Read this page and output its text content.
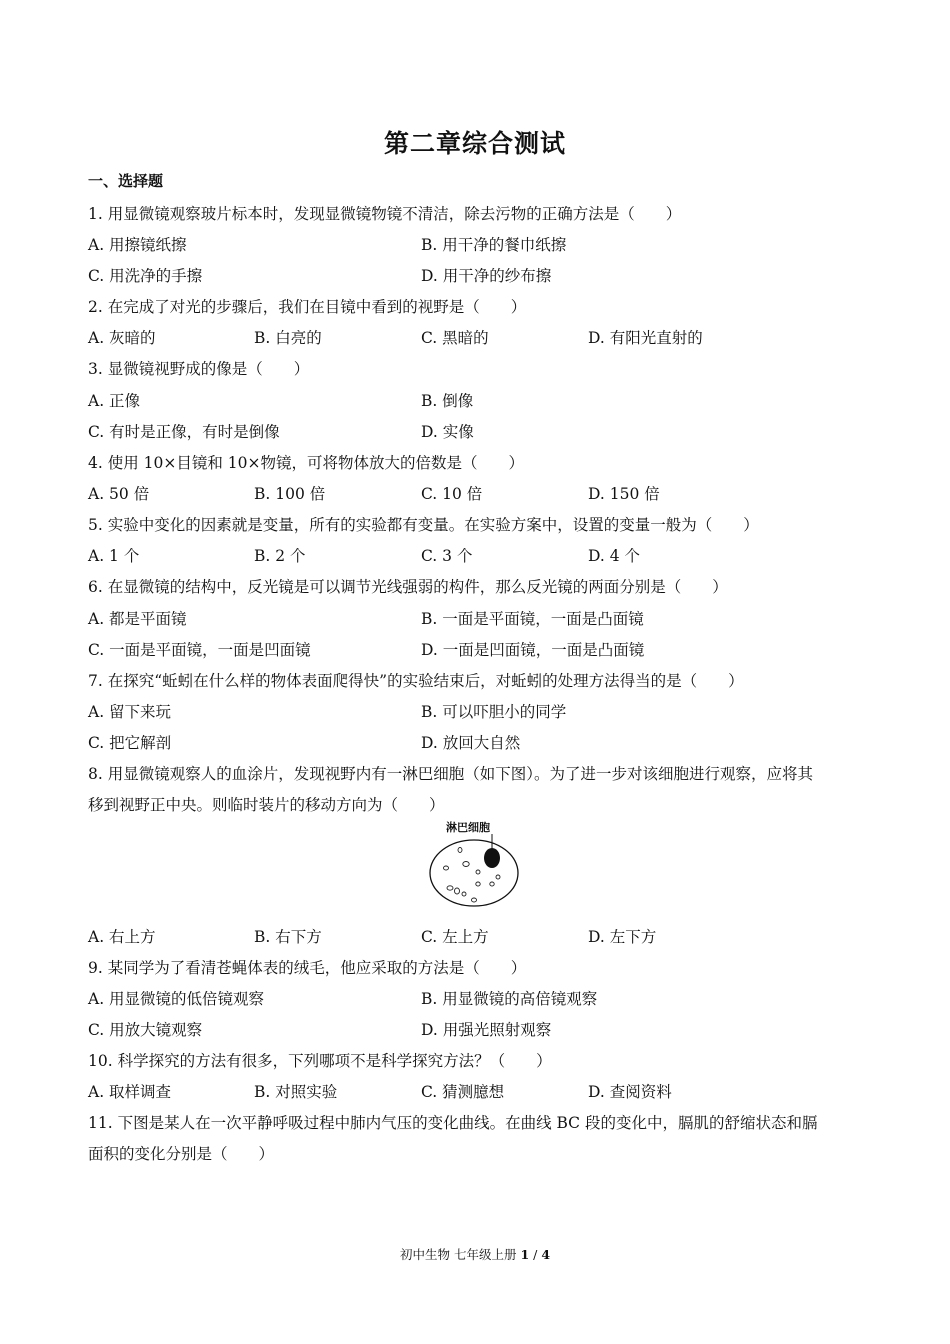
第二章综合测试
一、选择题
1. 用显微镜观察玻片标本时，发现显微镜物镜不清洁，除去污物的正确方法是（　　）
A. 用擦镜纸擦	B. 用干净的餐巾纸擦
C. 用洗净的手擦	D. 用干净的纱布擦
2. 在完成了对光的步骤后，我们在目镜中看到的视野是（　　）
A. 灰暗的	B. 白亮的	C. 黑暗的	D. 有阳光直射的
3. 显微镜视野成的像是（　　）
A. 正像	B. 倒像
C. 有时是正像，有时是倒像	D. 实像
4. 使用 10×目镜和 10×物镜，可将物体放大的倍数是（　　）
A. 50 倍	B. 100 倍	C. 10 倍	D. 150 倍
5. 实验中变化的因素就是变量，所有的实验都有变量。在实验方案中，设置的变量一般为（　　）
A. 1 个	B. 2 个	C. 3 个	D. 4 个
6. 在显微镜的结构中，反光镜是可以调节光线强弱的构件，那么反光镜的两面分别是（　　）
A. 都是平面镜	B. 一面是平面镜，一面是凸面镜
C. 一面是平面镜，一面是凹面镜	D. 一面是凹面镜，一面是凸面镜
7. 在探究“蚯蚓在什么样的物体表面爬得快”的实验结束后，对蚯蚓的处理方法得当的是（　　）
A. 留下来玩	B. 可以吓胆小的同学
C. 把它解剖	D. 放回大自然
8. 用显微镜观察人的血涂片，发现视野内有一淋巴细胞（如下图）。为了进一步对该细胞进行观察，应将其
移到视野正中央。则临时装片的移动方向为（　　）
淋巴细胞
A. 右上方	B. 右下方	C. 左上方	D. 左下方
9. 某同学为了看清苍蝇体表的绒毛，他应采取的方法是（　　）
A. 用显微镜的低倍镜观察	B. 用显微镜的高倍镜观察
C. 用放大镜观察	D. 用强光照射观察
10. 科学探究的方法有很多，下列哪项不是科学探究方法？（　　）
A. 取样调查	B. 对照实验	C. 猜测臆想	D. 查阅资料
11. 下图是某人在一次平静呼吸过程中肺内气压的变化曲线。在曲线 BC 段的变化中，膈肌的舒缩状态和膈
面积的变化分别是（　　）
初中生物 七年级上册 1 / 4
